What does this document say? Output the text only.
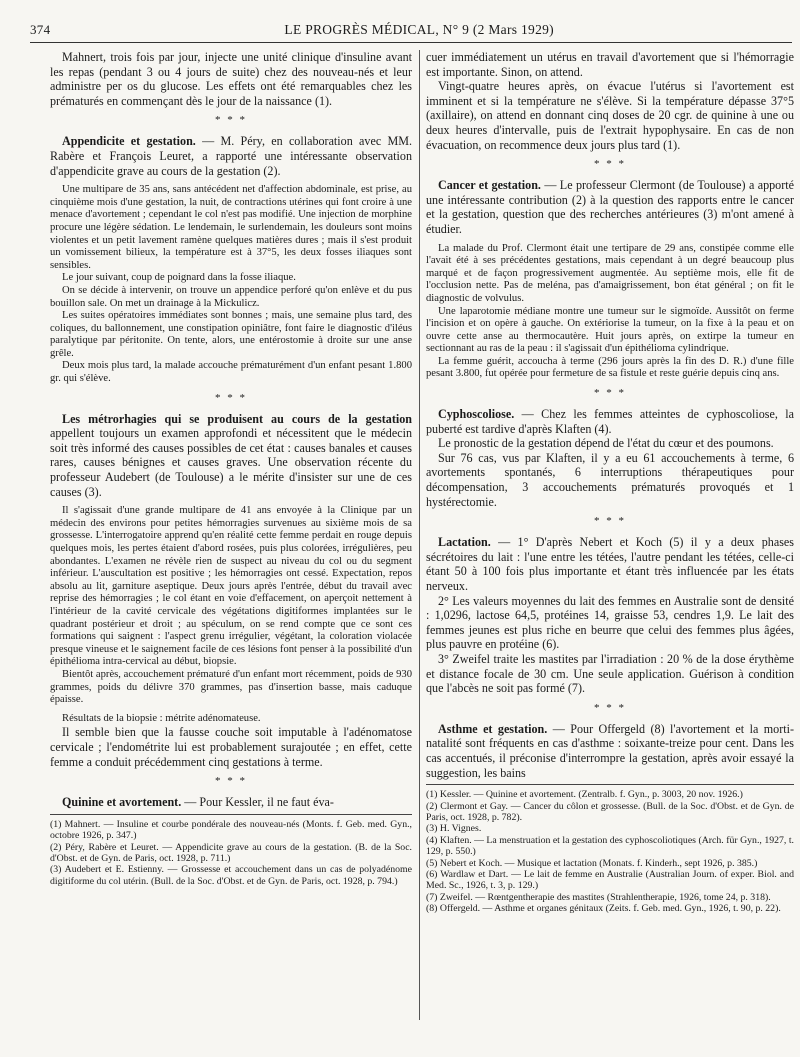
374	LE PROGRÈS MÉDICAL, N° 9 (2 Mars 1929)

Mahnert, trois fois par jour, injecte une unité clinique d'insuline avant les repas (pendant 3 ou 4 jours de suite) chez des nouveau-nés et leur administre per os du glucose. Les effets ont été remarquables chez les prématurés en commençant dès le jour de la naissance (1).

* * *

Appendicite et gestation. — M. Péry, en collaboration avec MM. Rabère et François Leuret, a rapporté une intéressante observation d'appendicite grave au cours de la gestation (2).

Une multipare de 35 ans, sans antécédent net d'affection abdominale, est prise, au cinquième mois d'une gestation, la nuit, de contractions utérines qui font croire à une menace d'avortement ; cependant le col n'est pas modifié. Une injection de morphine procure une légère sédation. Le lendemain, le surlendemain, les douleurs sont moins violentes et un petit lavement ramène quelques matières dures ; mais il s'est produit un vomissement bilieux, la température est à 37°5, les deux fosses iliaques sont sensibles.

Le jour suivant, coup de poignard dans la fosse iliaque.

On se décide à intervenir, on trouve un appendice perforé qu'on enlève et du pus bouillon sale. On met un drainage à la Mickulicz.

Les suites opératoires immédiates sont bonnes ; mais, une semaine plus tard, des coliques, du ballonnement, une constipation opiniâtre, font faire le diagnostic d'iléus paralytique par péritonite. On tente, alors, une entérostomie à droite sur une anse grêle.

Deux mois plus tard, la malade accouche prématurément d'un enfant pesant 1.800 gr. qui s'élève.

* * *

Les métrorhagies qui se produisent au cours de la gestation appellent toujours un examen approfondi et nécessitent que le médecin soit très informé des causes possibles de cet état : causes banales et causes rares, causes bénignes et causes graves. Une observation récente du professeur Audebert (de Toulouse) a le mérite d'insister sur une de ces causes (3).

Il s'agissait d'une grande multipare de 41 ans envoyée à la Clinique par un médecin des environs pour petites hémorragies survenues au sixième mois de sa grossesse. L'interrogatoire apprend qu'en réalité cette femme perdait en rouge depuis quelques mois, les pertes étaient d'abord rosées, puis plus colorées, irrégulières, peu abondantes. L'examen ne révèle rien de suspect au niveau du col ou du segment inférieur. L'auscultation est positive ; les hémorragies ont cessé. Expectation, repos absolu au lit, garniture aseptique. Deux jours après l'entrée, début du travail avec reprise des hémorragies ; le col étant en voie d'effacement, on aperçoit nettement à l'intérieur de la cavité cervicale des végétations digitiformes implantées sur le quadrant postérieur et droit ; au spéculum, on se rend compte que ce sont ces formations qui saignent : l'aspect grenu irrégulier, végétant, la coloration violacée presque vineuse et le saignement facile de ces lésions font penser à la possibilité d'un épithélioma intra-cervical au début, biopsie.

Bientôt après, accouchement prématuré d'un enfant mort récemment, poids de 930 grammes, poids du délivre 370 grammes, pas d'insertion basse, mais caduque épaisse.

Résultats de la biopsie : métrite adénomateuse.

Il semble bien que la fausse couche soit imputable à l'adénomatose cervicale ; l'endométrite lui est probablement surajoutée ; en effet, cette femme a conduit précédemment cinq gestations à terme.

* * *

Quinine et avortement. — Pour Kessler, il ne faut éva-

(1) Mahnert. — Insuline et courbe pondérale des nouveau-nés (Monts. f. Geb. med. Gyn., octobre 1926, p. 347.)

(2) Péry, Rabère et Leuret. — Appendicite grave au cours de la gestation. (B. de la Soc. d'Obst. et de Gyn. de Paris, oct. 1928, p. 711.)

(3) Audebert et E. Estienny. — Grossesse et accouchement dans un cas de polyadénome digitiforme du col utérin. (Bull. de la Soc. d'Obst. et de Gyn. de Paris, oct. 1928, p. 794.)

cuer immédiatement un utérus en travail d'avortement que si l'hémorragie est importante. Sinon, on attend.

Vingt-quatre heures après, on évacue l'utérus si l'avortement est imminent et si la température ne s'élève. Si la température dépasse 37°5 (axillaire), on attend en donnant cinq doses de 20 cgr. de quinine à une ou deux heures d'intervalle, puis de l'extrait hypophysaire. En cas de non évacuation, on recommence deux jours plus tard (1).

* * *

Cancer et gestation. — Le professeur Clermont (de Toulouse) a apporté une intéressante contribution (2) à la question des rapports entre le cancer et la gestation, question que des recherches antérieures (3) m'ont amené à étudier.

La malade du Prof. Clermont était une tertipare de 29 ans, constipée comme elle l'avait été à ses précédentes gestations, mais cependant à un degré beaucoup plus marqué et de façon progressivement augmentée. Au septième mois, elle fit de l'occlusion nette. Pas de meléna, pas d'amaigrissement, bon état général ; on fit le diagnostic de volvulus.

Une laparotomie médiane montre une tumeur sur le sigmoïde. Aussitôt on ferme l'incision et on opère à gauche. On extériorise la tumeur, on la fixe à la peau et on ouvre cette anse au thermocautère. Huit jours après, on extirpe la tumeur en sectionnant au ras de la peau : il s'agissait d'un épithélioma cylindrique.

La femme guérit, accoucha à terme (296 jours après la fin des D. R.) d'une fille pesant 3.800, fut opérée pour fermeture de sa fistule et reste guérie depuis cinq ans.

* * *

Cyphoscoliose. — Chez les femmes atteintes de cyphoscoliose, la puberté est tardive d'après Klaften (4).

Le pronostic de la gestation dépend de l'état du cœur et des poumons.

Sur 76 cas, vus par Klaften, il y a eu 61 accouchements à terme, 6 avortements spontanés, 6 interruptions thérapeutiques pour décompensation, 3 accouchements prématurés provoqués et 1 hystérectomie.

* * *

Lactation. — 1° D'après Nebert et Koch (5) il y a deux phases sécrétoires du lait : l'une entre les tétées, l'autre pendant les tétées, celle-ci étant 50 à 100 fois plus importante et étant très influencée par les états nerveux.

2° Les valeurs moyennes du lait des femmes en Australie sont de densité : 1,0296, lactose 64,5, protéines 14, graisse 53, cendres 1,9. Le lait des femmes jeunes est plus riche en beurre que celui des femmes plus âgées, plus pauvre en protéine (6).

3° Zweifel traite les mastites par l'irradiation : 20 % de la dose érythème et distance focale de 30 cm. Une seule application. Guérison à condition que l'abcès ne soit pas formé (7).

* * *

Asthme et gestation. — Pour Offergeld (8) l'avortement et la morti-natalité sont fréquents en cas d'asthme : soixante-treize pour cent. Dans les cas accentués, il préconise d'interrompre la gestation, après avoir essayé la suggestion, les bains

(1) Kessler. — Quinine et avortement. (Zentralb. f. Gyn., p. 3003, 20 nov. 1926.)

(2) Clermont et Gay. — Cancer du côlon et grossesse. (Bull. de la Soc. d'Obst. et de Gyn. de Paris, oct. 1928, p. 782).

(3) H. Vignes.

(4) Klaften. — La menstruation et la gestation des cyphoscoliotiques (Arch. für Gyn., 1927, t. 129, p. 550.)

(5) Nebert et Koch. — Musique et lactation (Monats. f. Kinderh., sept 1926, p. 385.)

(6) Wardlaw et Dart. — Le lait de femme en Australie (Australian Journ. of exper. Biol. and Med. Sc., 1926, t. 3, p. 129.)

(7) Zweifel. — Rœntgentherapie des mastites (Strahlentherapie, 1926, tome 24, p. 318).

(8) Offergeld. — Asthme et organes génitaux (Zeits. f. Geb. med. Gyn., 1926, t. 90, p. 22).
